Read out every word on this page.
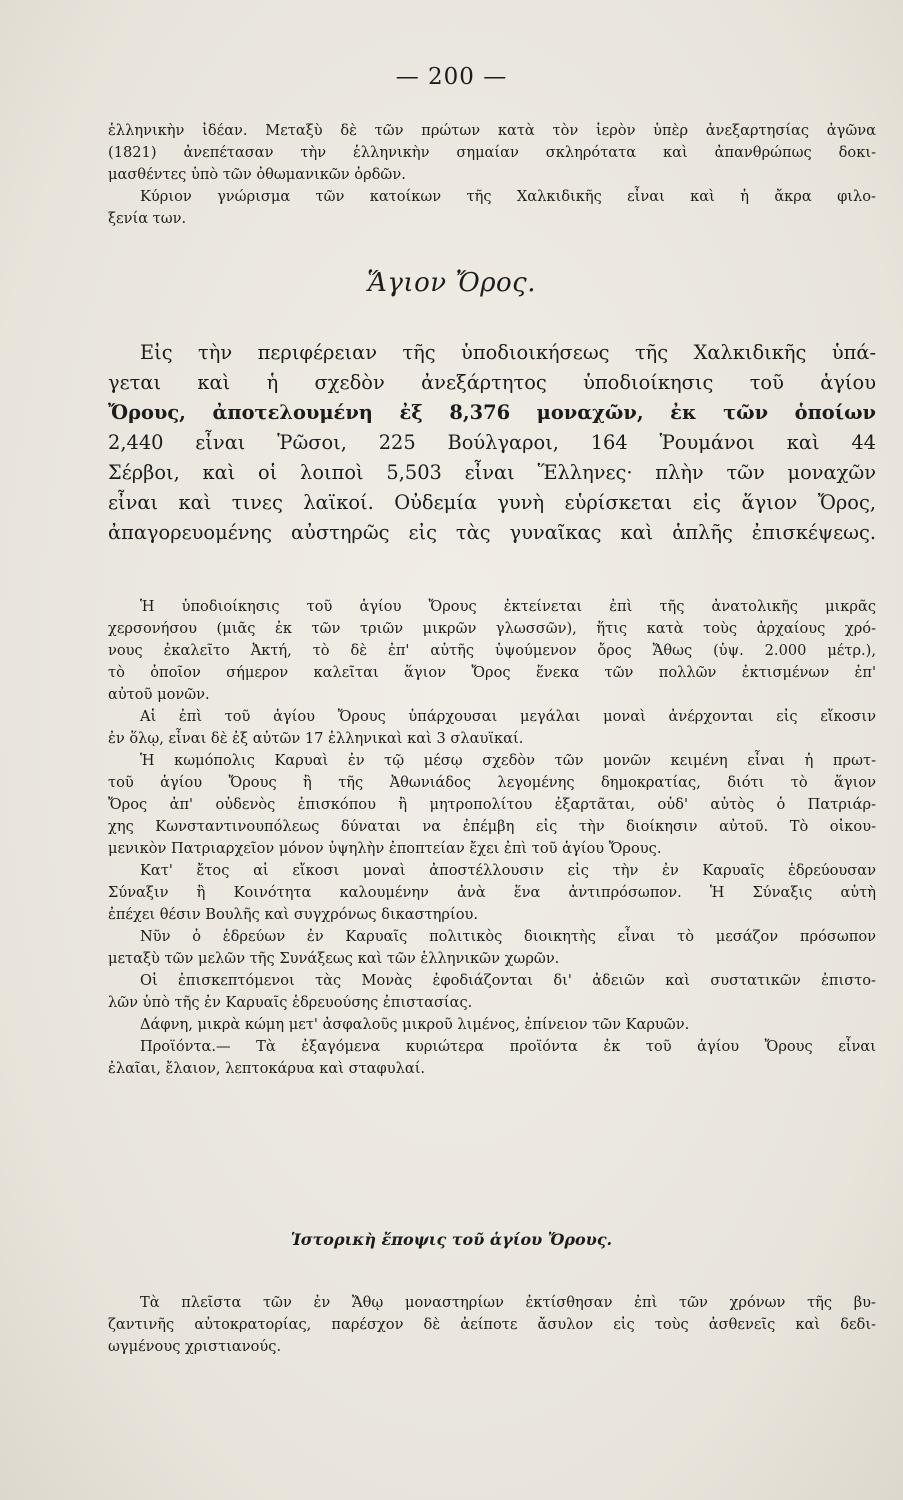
— 200 —
ἑλληνικὴν ἰδέαν. Μεταξὺ δὲ τῶν πρώτων κατὰ τὸν ἱερὸν ὑπὲρ ἀνεξαρτησίας ἀγῶνα
(1821) ἀνεπέτασαν τὴν ἑλληνικὴν σημαίαν σκληρότατα καὶ ἀπανθρώπως δοκι-
μασθέντες ὑπὸ τῶν ὀθωμανικῶν ὀρδῶν.
Κύριον γνώρισμα τῶν κατοίκων τῆς Χαλκιδικῆς εἶναι καὶ ἡ ἄκρα φιλο-
ξενία των.
Ἅγιον Ὄρος.
Εἰς τὴν περιφέρειαν τῆς ὑποδιοικήσεως τῆς Χαλκιδικῆς ὑπά-
γεται καὶ ἡ σχεδὸν ἀνεξάρτητος ὑποδιοίκησις τοῦ ἁγίου
Ὄρους, ἀποτελουμένη ἐξ 8,376 μοναχῶν, ἐκ τῶν ὁποίων
2,440 εἶναι Ῥῶσοι, 225 Βούλγαροι, 164 Ῥουμάνοι καὶ 44
Σέρβοι, καὶ οἱ λοιποὶ 5,503 εἶναι Ἕλληνες· πλὴν τῶν μοναχῶν
εἶναι καὶ τινες λαϊκοί. Οὐδεμία γυνὴ εὑρίσκεται εἰς ἅγιον Ὄρος,
ἀπαγορευομένης αὐστηρῶς εἰς τὰς γυναῖκας καὶ ἁπλῆς ἐπισκέψεως.
Ἡ ὑποδιοίκησις τοῦ ἁγίου Ὄρους ἐκτείνεται ἐπὶ τῆς ἀνατολικῆς μικρᾶς
χερσονήσου (μιᾶς ἐκ τῶν τριῶν μικρῶν γλωσσῶν), ἥτις κατὰ τοὺς ἀρχαίους χρό-
νους ἐκαλεῖτο Ἀκτή, τὸ δὲ ἐπ' αὐτῆς ὑψούμενον ὄρος Ἄθως (ὑψ. 2.000 μέτρ.),
τὸ ὁποῖον σήμερον καλεῖται ἅγιον Ὄρος ἕνεκα τῶν πολλῶν ἐκτισμένων ἐπ'
αὐτοῦ μονῶν.
Αἱ ἐπὶ τοῦ ἁγίου Ὄρους ὑπάρχουσαι μεγάλαι μοναὶ ἀνέρχονται εἰς εἴκοσιν
ἐν ὅλῳ, εἶναι δὲ ἐξ αὐτῶν 17 ἑλληνικαὶ καὶ 3 σλαυϊκαί.
Ἡ κωμόπολις Καρυαὶ ἐν τῷ μέσῳ σχεδὸν τῶν μονῶν κειμένη εἶναι ἡ πρωτ-
τοῦ ἁγίου Ὄρους ἢ τῆς Ἀθωνιάδος λεγομένης δημοκρατίας, διότι τὸ ἅγιον
Ὄρος ἀπ' οὐδενὸς ἐπισκόπου ἢ μητροπολίτου ἐξαρτᾶται, οὐδ' αὐτὸς ὁ Πατριάρ-
χης Κωνσταντινουπόλεως δύναται να ἐπέμβη εἰς τὴν διοίκησιν αὐτοῦ. Τὸ οἰκου-
μενικὸν Πατριαρχεῖον μόνον ὑψηλὴν ἐποπτείαν ἔχει ἐπὶ τοῦ ἁγίου Ὄρους.
Κατ' ἔτος αἱ εἴκοσι μοναὶ ἀποστέλλουσιν εἰς τὴν ἐν Καρυαῖς ἑδρεύουσαν
Σύναξιν ἢ Κοινότητα καλουμένην ἀνὰ ἕνα ἀντιπρόσωπον. Ἡ Σύναξις αὐτὴ
ἐπέχει θέσιν Βουλῆς καὶ συγχρόνως δικαστηρίου.
Νῦν ὁ ἑδρεύων ἐν Καρυαῖς πολιτικὸς διοικητὴς εἶναι τὸ μεσάζον πρόσωπον
μεταξὺ τῶν μελῶν τῆς Συνάξεως καὶ τῶν ἑλληνικῶν χωρῶν.
Οἱ ἐπισκεπτόμενοι τὰς Μονὰς ἐφοδιάζονται δι' ἀδειῶν καὶ συστατικῶν ἐπιστο-
λῶν ὑπὸ τῆς ἐν Καρυαῖς ἑδρευούσης ἐπιστασίας.
Δάφνη, μικρὰ κώμη μετ' ἀσφαλοῦς μικροῦ λιμένος, ἐπίνειον τῶν Καρυῶν.
Προϊόντα.— Τὰ ἐξαγόμενα κυριώτερα προϊόντα ἐκ τοῦ ἁγίου Ὄρους εἶναι
ἐλαῖαι, ἔλαιον, λεπτοκάρυα καὶ σταφυλαί.
Ἱστορικὴ ἔποψις τοῦ ἁγίου Ὄρους.
Τὰ πλεῖστα τῶν ἐν Ἄθῳ μοναστηρίων ἐκτίσθησαν ἐπὶ τῶν χρόνων τῆς βυ-
ζαντινῆς αὐτοκρατορίας, παρέσχον δὲ ἀείποτε ἄσυλον εἰς τοὺς ἀσθενεῖς καὶ δεδι-
ωγμένους χριστιανούς.
